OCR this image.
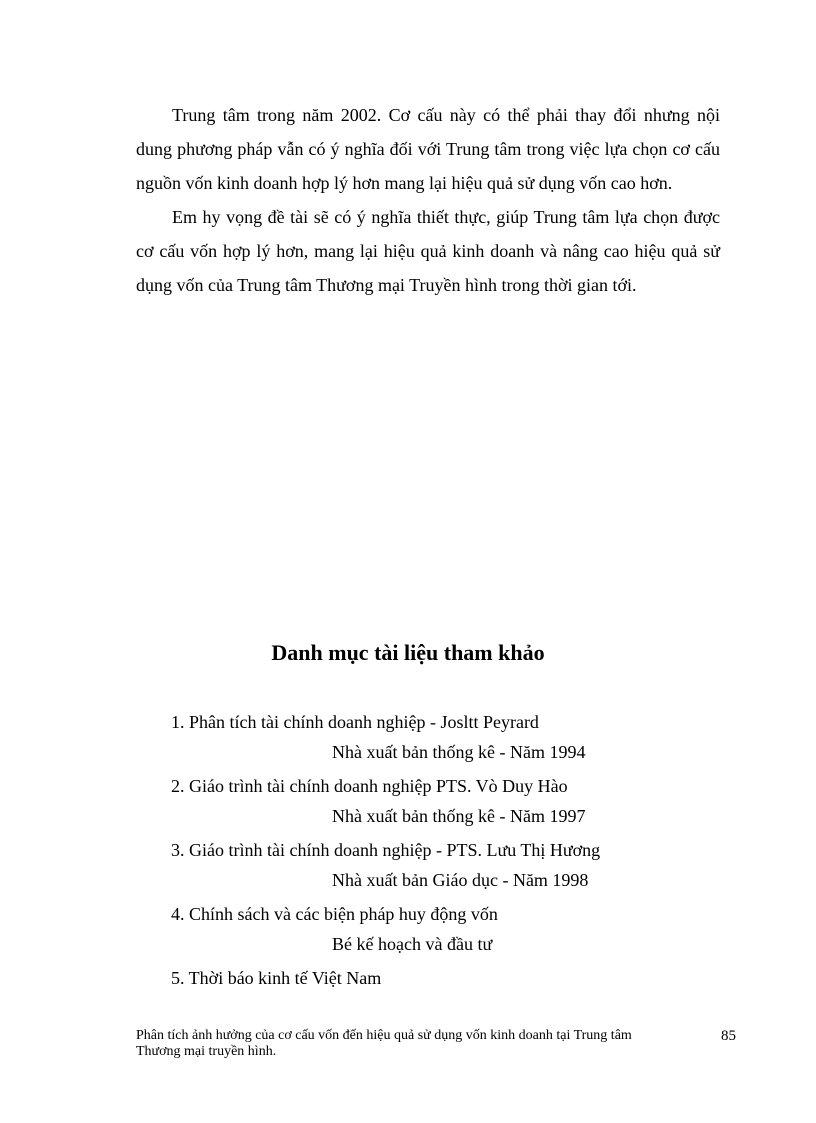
Trung tâm trong năm 2002. Cơ cấu này có thể phải thay đổi nhưng nội dung phương pháp vẫn có ý nghĩa đối với Trung tâm trong việc lựa chọn cơ cấu nguồn vốn kinh doanh hợp lý hơn mang lại hiệu quả sử dụng vốn cao hơn.

Em hy vọng đề tài sẽ có ý nghĩa thiết thực, giúp Trung tâm lựa chọn được cơ cấu vốn hợp lý hơn, mang lại hiệu quả kinh doanh và nâng cao hiệu quả sử dụng vốn của Trung tâm Thương mại Truyền hình trong thời gian tới.

Danh mục tài liệu tham khảo
1. Phân tích tài chính doanh nghiệp - Josltt Peyrard
Nhà xuất bản thống kê - Năm 1994
2. Giáo trình tài chính doanh nghiệp PTS. Vò Duy Hào
Nhà xuất bản thống kê - Năm 1997
3. Giáo trình tài chính doanh nghiệp - PTS. Lưu Thị Hương
Nhà xuất bản Giáo dục - Năm 1998
4. Chính sách và các biện pháp huy động vốn
Bé kế hoạch và đầu tư
5. Thời báo kinh tế Việt Nam
Phân tích ảnh hưởng của cơ cấu vốn đến hiệu quả sử dụng vốn kinh doanh tại Trung tâm Thương mại truyền hình.
85
